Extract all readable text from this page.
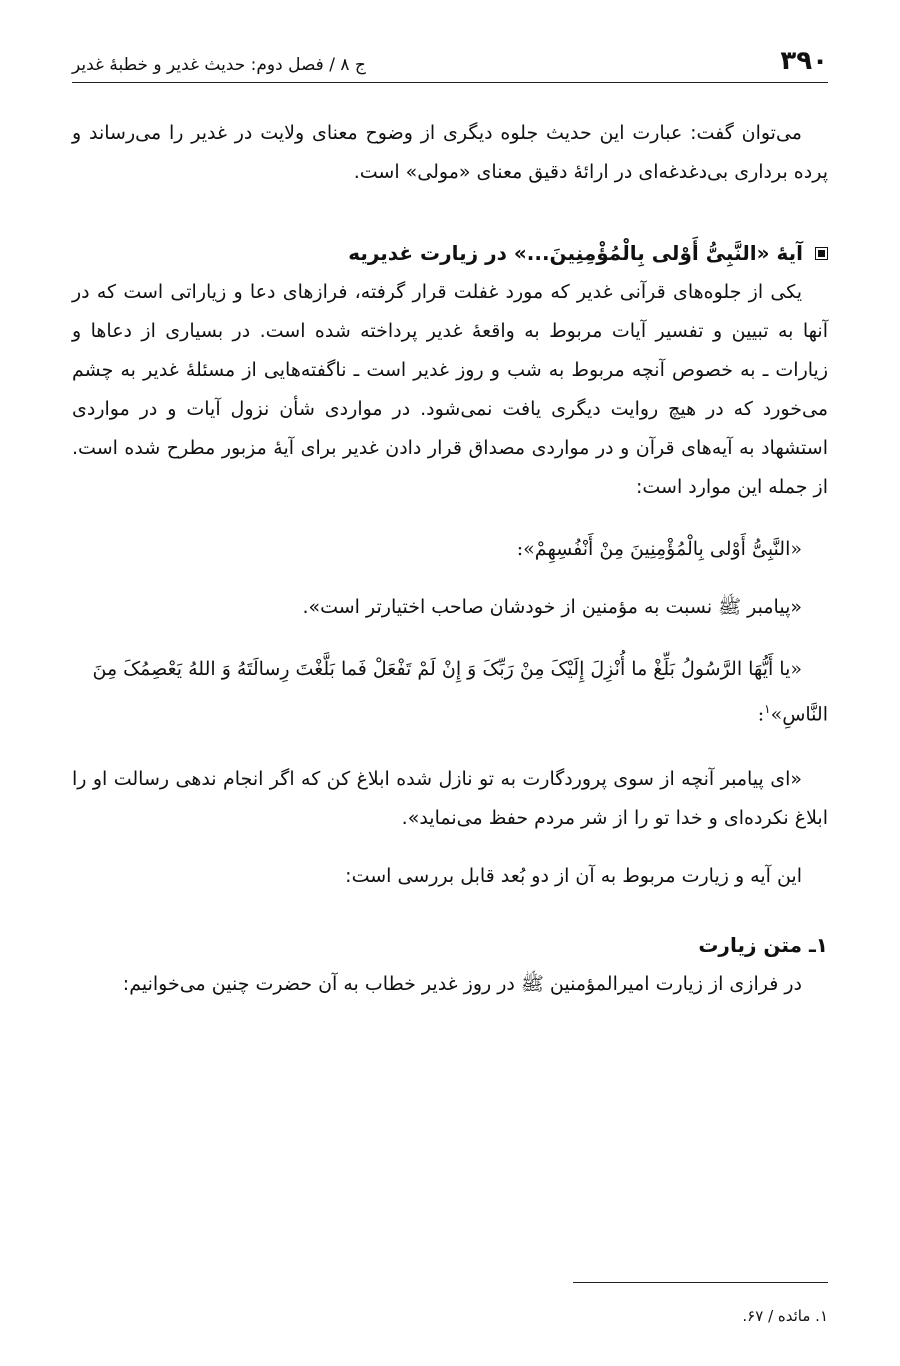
۳۹۰
ج ۸ / فصل دوم: حدیث غدیر و خطبهٔ غدیر

می‌توان گفت: عبارت این حدیث جلوه دیگری از وضوح معنای ولایت در غدیر را می‌رساند و پرده برداری بی‌دغدغه‌ای در ارائهٔ دقیق معنای «مولی» است.

آیهٔ «النَّبِیُّ أَوْلی بِالْمُؤْمِنِینَ...» در زیارت غدیریه

یکی از جلوه‌های قرآنی غدیر که مورد غفلت قرار گرفته، فرازهای دعا و زیاراتی است که در آنها به تبیین و تفسیر آیات مربوط به واقعهٔ غدیر پرداخته شده است. در بسیاری از دعاها و زیارات ـ به خصوص آنچه مربوط به شب و روز غدیر است ـ ناگفته‌هایی از مسئلهٔ غدیر به چشم می‌خورد که در هیچ روایت دیگری یافت نمی‌شود. در مواردی شأن نزول آیات و در مواردی استشهاد به آیه‌های قرآن و در مواردی مصداق قرار دادن غدیر برای آیهٔ مزبور مطرح شده است. از جمله این موارد است:

«النَّبِیُّ أَوْلی بِالْمُؤْمِنِینَ مِنْ أَنْفُسِهِمْ»:

«پیامبر ﷺ نسبت به مؤمنین از خودشان صاحب اختیارتر است».

«یا أَیُّهَا الرَّسُولُ بَلِّغْ ما أُنْزِلَ إِلَیْکَ مِنْ رَبِّکَ وَ إِنْ لَمْ تَفْعَلْ فَما بَلَّغْتَ رِسالَتَهُ وَ اللهُ یَعْصِمُکَ مِنَ النَّاسِ»$^۱$:

«ای پیامبر آنچه از سوی پروردگارت به تو نازل شده ابلاغ کن که اگر انجام ندهی رسالت او را ابلاغ نکرده‌ای و خدا تو را از شر مردم حفظ می‌نماید».

این آیه و زیارت مربوط به آن از دو بُعد قابل بررسی است:

۱ـ متن زیارت

در فرازی از زیارت امیرالمؤمنین ﷺ در روز غدیر خطاب به آن حضرت چنین می‌خوانیم:

۱. مائده / ۶۷.
